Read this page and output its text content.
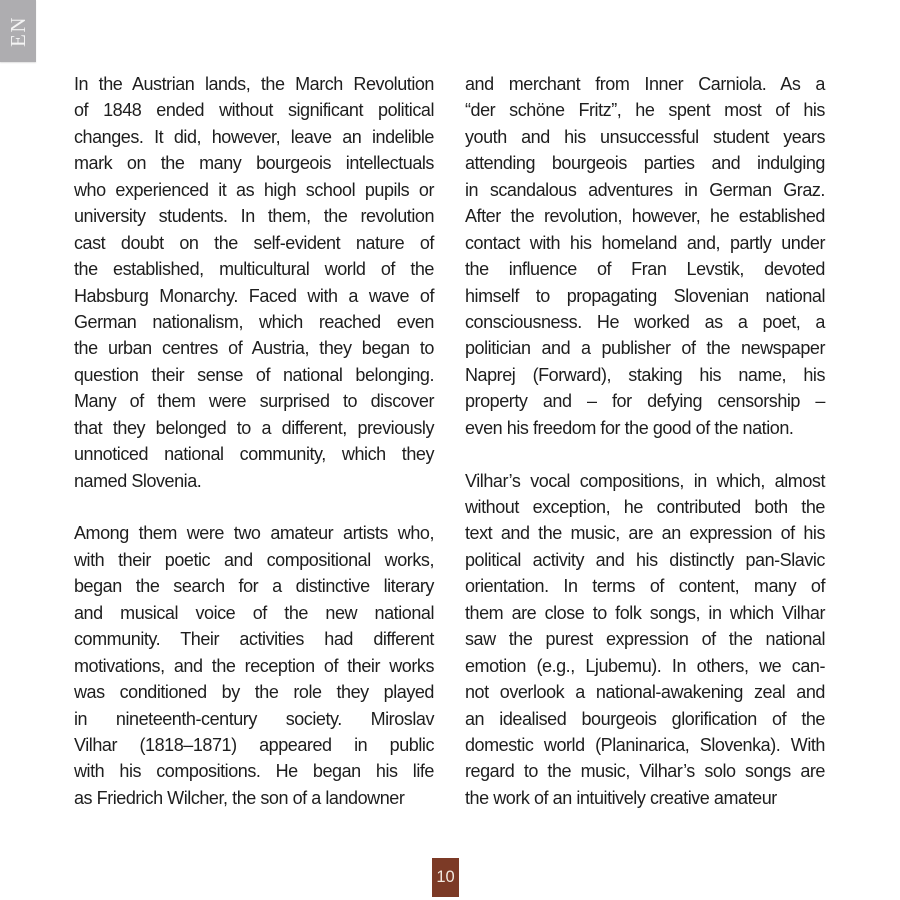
EN
In the Austrian lands, the March Revolution
of 1848 ended without significant political
changes. It did, however, leave an indelible
mark on the many bourgeois intellectuals
who experienced it as high school pupils or
university students. In them, the revolution
cast doubt on the self-evident nature of
the established, multicultural world of the
Habsburg Monarchy. Faced with a wave of
German nationalism, which reached even
the urban centres of Austria, they began to
question their sense of national belonging.
Many of them were surprised to discover
that they belonged to a different, previously
unnoticed national community, which they
named Slovenia.
Among them were two amateur artists who,
with their poetic and compositional works,
began the search for a distinctive literary
and musical voice of the new national
community. Their activities had different
motivations, and the reception of their works
was conditioned by the role they played
in nineteenth-century society. Miroslav
Vilhar (1818–1871) appeared in public
with his compositions. He began his life
as Friedrich Wilcher, the son of a landowner
and merchant from Inner Carniola. As a
“der schöne Fritz”, he spent most of his
youth and his unsuccessful student years
attending bourgeois parties and indulging
in scandalous adventures in German Graz.
After the revolution, however, he established
contact with his homeland and, partly under
the influence of Fran Levstik, devoted
himself to propagating Slovenian national
consciousness. He worked as a poet, a
politician and a publisher of the newspaper
Naprej (Forward), staking his name, his
property and – for defying censorship –
even his freedom for the good of the nation.
Vilhar’s vocal compositions, in which, almost
without exception, he contributed both the
text and the music, are an expression of his
political activity and his distinctly pan-Slavic
orientation. In terms of content, many of
them are close to folk songs, in which Vilhar
saw the purest expression of the national
emotion (e.g., Ljubemu). In others, we can-
not overlook a national-awakening zeal and
an idealised bourgeois glorification of the
domestic world (Planinarica, Slovenka). With
regard to the music, Vilhar’s solo songs are
the work of an intuitively creative amateur
10
